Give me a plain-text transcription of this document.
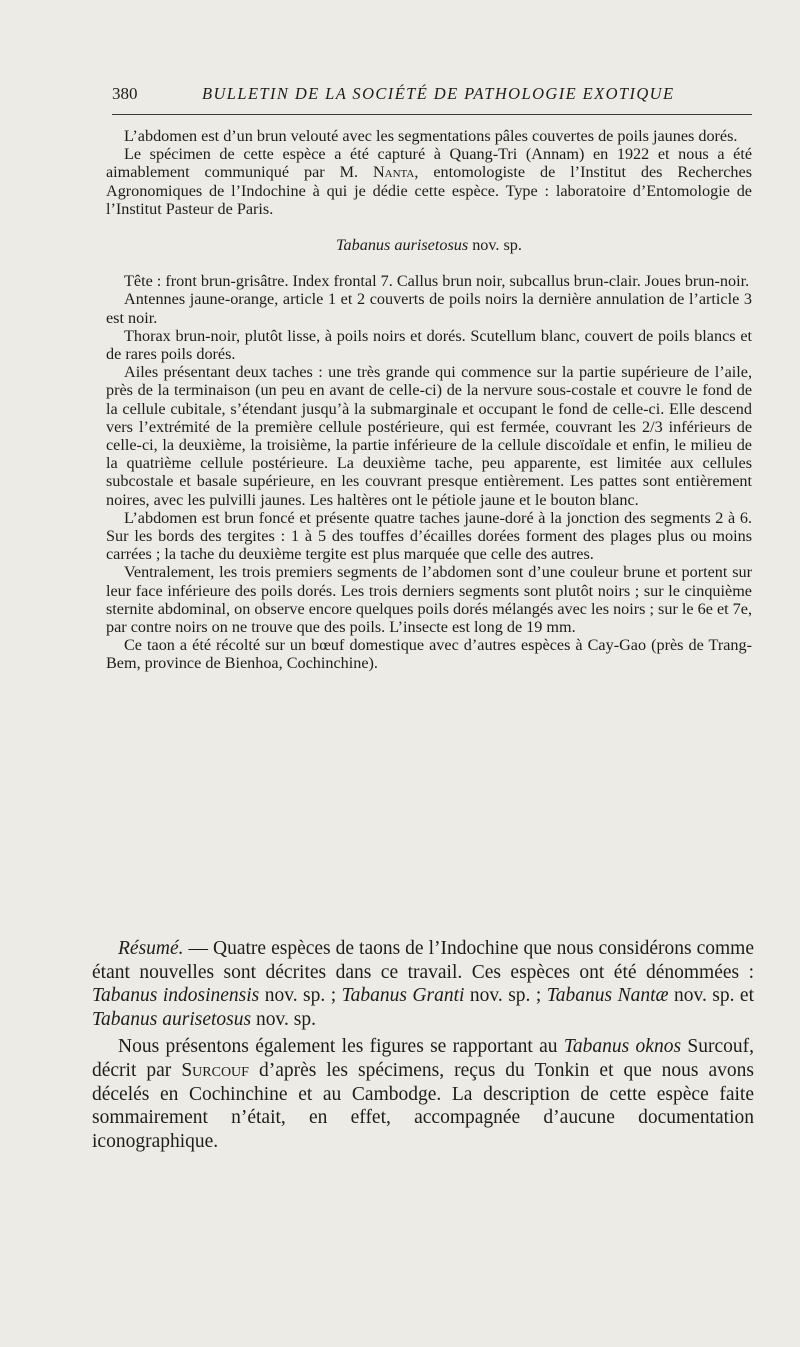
380	BULLETIN DE LA SOCIÉTÉ DE PATHOLOGIE EXOTIQUE

L’abdomen est d’un brun velouté avec les segmentations pâles couvertes de poils jaunes dorés.

Le spécimen de cette espèce a été capturé à Quang-Tri (Annam) en 1922 et nous a été aimablement communiqué par M. Nanta, entomologiste de l’Institut des Recherches Agronomiques de l’Indochine à qui je dédie cette espèce. Type : laboratoire d’Entomologie de l’Institut Pasteur de Paris.

Tabanus aurisetosus nov. sp.

Tête : front brun-grisâtre. Index frontal 7. Callus brun noir, subcallus brun-clair. Joues brun-noir.

Antennes jaune-orange, article 1 et 2 couverts de poils noirs la dernière annulation de l’article 3 est noir.

Thorax brun-noir, plutôt lisse, à poils noirs et dorés. Scutellum blanc, couvert de poils blancs et de rares poils dorés.

Ailes présentant deux taches : une très grande qui commence sur la partie supérieure de l’aile, près de la terminaison (un peu en avant de celle-ci) de la nervure sous-costale et couvre le fond de la cellule cubitale, s’étendant jusqu’à la submarginale et occupant le fond de celle-ci. Elle descend vers l’extrémité de la première cellule postérieure, qui est fermée, couvrant les 2/3 inférieurs de celle-ci, la deuxième, la troisième, la partie inférieure de la cellule discoïdale et enfin, le milieu de la quatrième cellule postérieure. La deuxième tache, peu apparente, est limitée aux cellules subcostale et basale supérieure, en les couvrant presque entièrement. Les pattes sont entièrement noires, avec les pulvilli jaunes. Les haltères ont le pétiole jaune et le bouton blanc.

L’abdomen est brun foncé et présente quatre taches jaune-doré à la jonction des segments 2 à 6. Sur les bords des tergites : 1 à 5 des touffes d’écailles dorées forment des plages plus ou moins carrées ; la tache du deuxième tergite est plus marquée que celle des autres.

Ventralement, les trois premiers segments de l’abdomen sont d’une couleur brune et portent sur leur face inférieure des poils dorés. Les trois derniers segments sont plutôt noirs ; sur le cinquième sternite abdominal, on observe encore quelques poils dorés mélangés avec les noirs ; sur le 6e et 7e, par contre noirs on ne trouve que des poils. L’insecte est long de 19 mm.

Ce taon a été récolté sur un bœuf domestique avec d’autres espèces à Cay-Gao (près de Trang-Bem, province de Bienhoa, Cochinchine).

Résumé. — Quatre espèces de taons de l’Indochine que nous considérons comme étant nouvelles sont décrites dans ce travail. Ces espèces ont été dénommées : Tabanus indosinensis nov. sp. ; Tabanus Granti nov. sp. ; Tabanus Nantæ nov. sp. et Tabanus aurisetosus nov. sp.

Nous présentons également les figures se rapportant au Tabanus oknos Surcouf, décrit par Surcouf d’après les spécimens, reçus du Tonkin et que nous avons décelés en Cochinchine et au Cambodge. La description de cette espèce faite sommairement n’était, en effet, accompagnée d’aucune documentation iconographique.
